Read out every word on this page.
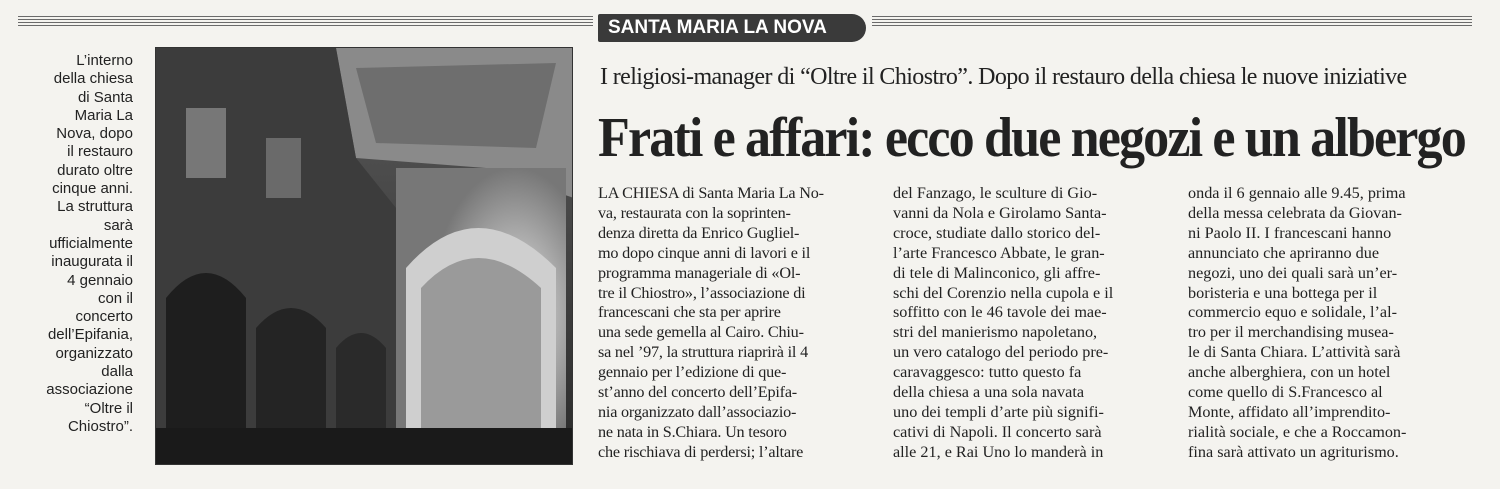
SANTA MARIA LA NOVA
L’interno
della chiesa
di Santa
Maria La
Nova, dopo
il restauro
durato oltre
cinque anni.
La struttura
sarà
ufficialmente
inaugurata il
4 gennaio
con il
concerto
dell’Epifania,
organizzato
dalla
associazione
“Oltre il
Chiostro”.
I religiosi-manager di “Oltre il Chiostro”. Dopo il restauro della chiesa le nuove iniziative
Frati e affari: ecco due negozi e un albergo
LA CHIESA di Santa Maria La No-
va, restaurata con la soprinten-
denza diretta da Enrico Gugliel-
mo dopo cinque anni di lavori e il
programma manageriale di «Ol-
tre il Chiostro», l’associazione di
francescani che sta per aprire
una sede gemella al Cairo. Chiu-
sa nel ’97, la struttura riaprirà il 4
gennaio per l’edizione di que-
st’anno del concerto dell’Epifa-
nia organizzato dall’associazio-
ne nata in S.Chiara. Un tesoro
che rischiava di perdersi; l’altare
del Fanzago, le sculture di Gio-
vanni da Nola e Girolamo Santa-
croce, studiate dallo storico del-
l’arte Francesco Abbate, le gran-
di tele di Malinconico, gli affre-
schi del Corenzio nella cupola e il
soffitto con le 46 tavole dei mae-
stri del manierismo napoletano,
un vero catalogo del periodo pre-
caravaggesco: tutto questo fa
della chiesa a una sola navata
uno dei templi d’arte più signifi-
cativi di Napoli. Il concerto sarà
alle 21, e Rai Uno lo manderà in
onda il 6 gennaio alle 9.45, prima
della messa celebrata da Giovan-
ni Paolo II. I francescani hanno
annunciato che apriranno due
negozi, uno dei quali sarà un’er-
boristeria e una bottega per il
commercio equo e solidale, l’al-
tro per il merchandising musea-
le di Santa Chiara. L’attività sarà
anche alberghiera, con un hotel
come quello di S.Francesco al
Monte, affidato all’imprendito-
rialità sociale, e che a Roccamon-
fina sarà attivato un agriturismo.
